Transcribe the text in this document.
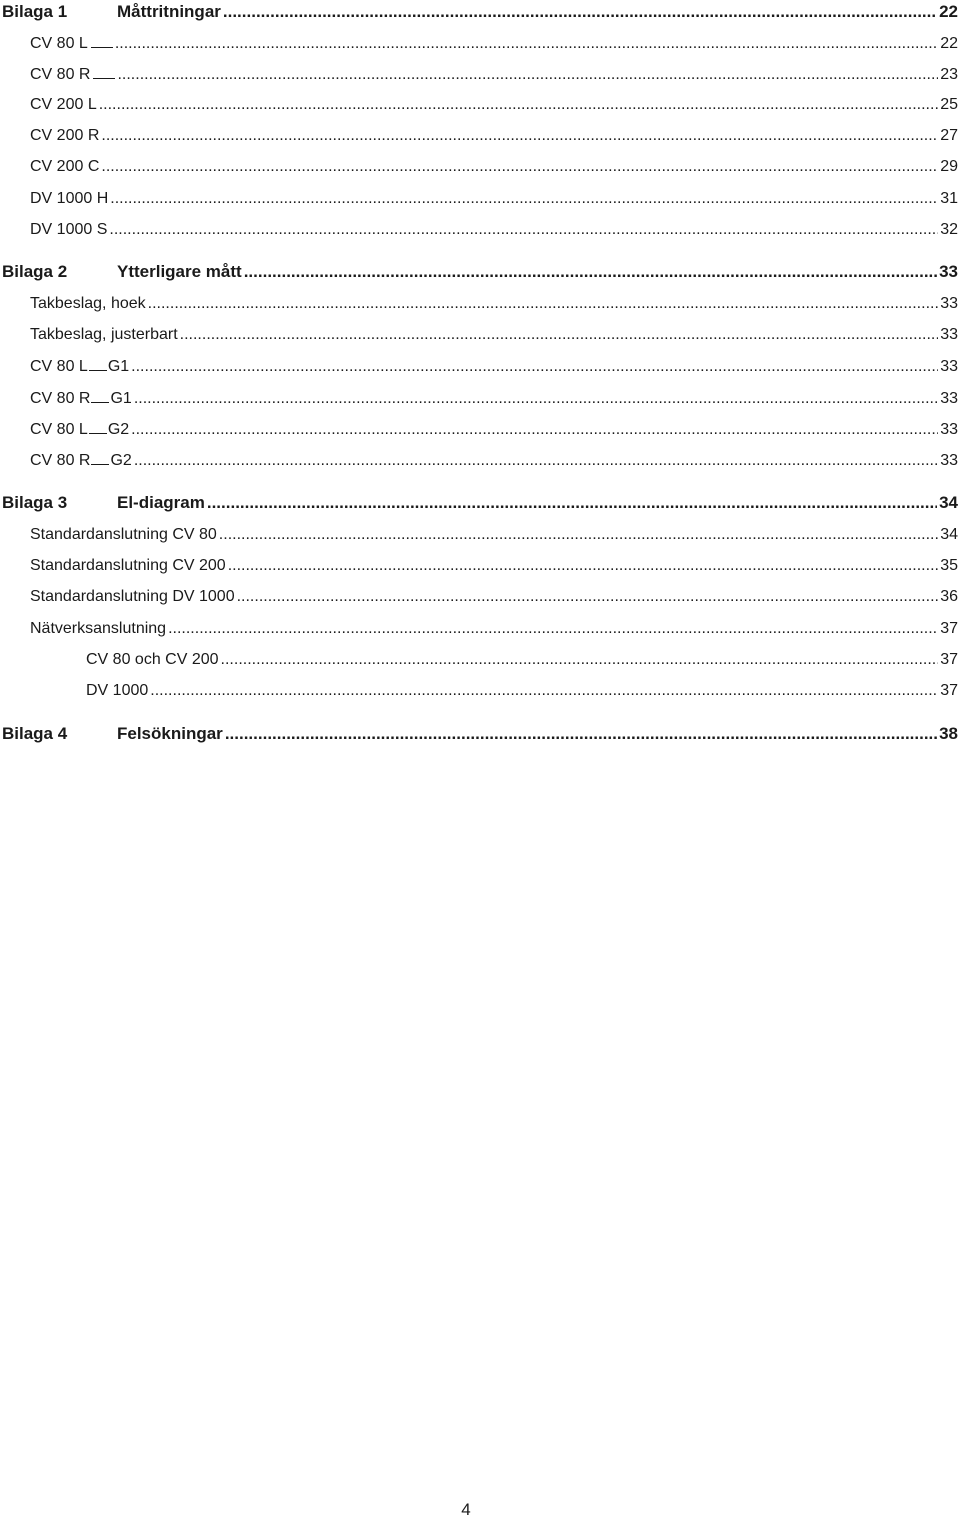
Bilaga 1	Måttritningar .....	22
CV 80 L .....	22
CV 80 R .....	23
CV 200 L .....	25
CV 200 R .....	27
CV 200 C .....	29
DV 1000 H .....	31
DV 1000 S .....	32
Bilaga 2	Ytterligare mått .....	33
Takbeslag, hoek .....	33
Takbeslag, justerbart .....	33
CV 80 L G1 .....	33
CV 80 R G1 .....	33
CV 80 L G2 .....	33
CV 80 R G2 .....	33
Bilaga 3	El-diagram .....	34
Standardanslutning CV 80 .....	34
Standardanslutning CV 200 .....	35
Standardanslutning DV 1000 .....	36
Nätverksanslutning .....	37
CV 80 och CV 200 .....	37
DV 1000 .....	37
Bilaga 4	Felsökningar .....	38
4
